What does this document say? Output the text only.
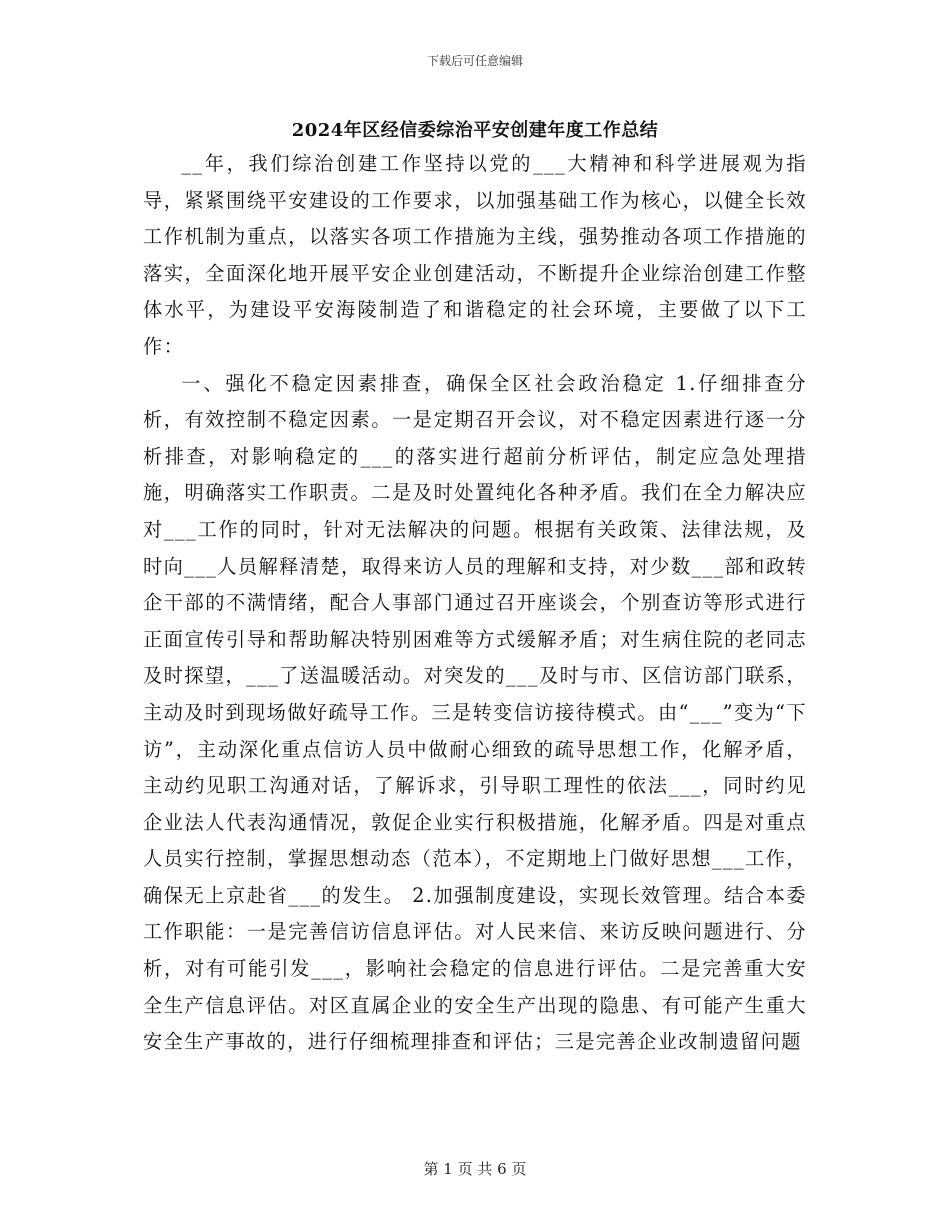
下载后可任意编辑
2024年区经信委综治平安创建年度工作总结

__年，我们综治创建工作坚持以党的___大精神和科学进展观为指导，紧紧围绕平安建设的工作要求，以加强基础工作为核心，以健全长效工作机制为重点，以落实各项工作措施为主线，强势推动各项工作措施的落实，全面深化地开展平安企业创建活动，不断提升企业综治创建工作整体水平，为建设平安海陵制造了和谐稳定的社会环境，主要做了以下工作：

一、强化不稳定因素排查，确保全区社会政治稳定 1.仔细排查分析，有效控制不稳定因素。一是定期召开会议，对不稳定因素进行逐一分析排查，对影响稳定的___的落实进行超前分析评估，制定应急处理措施，明确落实工作职责。二是及时处置纯化各种矛盾。我们在全力解决应对___工作的同时，针对无法解决的问题。根据有关政策、法律法规，及时向___人员解释清楚，取得来访人员的理解和支持，对少数___部和政转企干部的不满情绪，配合人事部门通过召开座谈会，个别查访等形式进行正面宣传引导和帮助解决特别困难等方式缓解矛盾；对生病住院的老同志及时探望，___了送温暖活动。对突发的___及时与市、区信访部门联系，主动及时到现场做好疏导工作。三是转变信访接待模式。由“___”变为“下访”，主动深化重点信访人员中做耐心细致的疏导思想工作，化解矛盾，主动约见职工沟通对话，了解诉求，引导职工理性的依法___，同时约见企业法人代表沟通情况，敦促企业实行积极措施，化解矛盾。四是对重点人员实行控制，掌握思想动态（范本），不定期地上门做好思想___工作，确保无上京赴省___的发生。 2.加强制度建设，实现长效管理。结合本委工作职能：一是完善信访信息评估。对人民来信、来访反映问题进行、分析，对有可能引发___，影响社会稳定的信息进行评估。二是完善重大安全生产信息评估。对区直属企业的安全生产出现的隐患、有可能产生重大安全生产事故的，进行仔细梳理排查和评估；三是完善企业改制遗留问题

第 1 页 共 6 页
